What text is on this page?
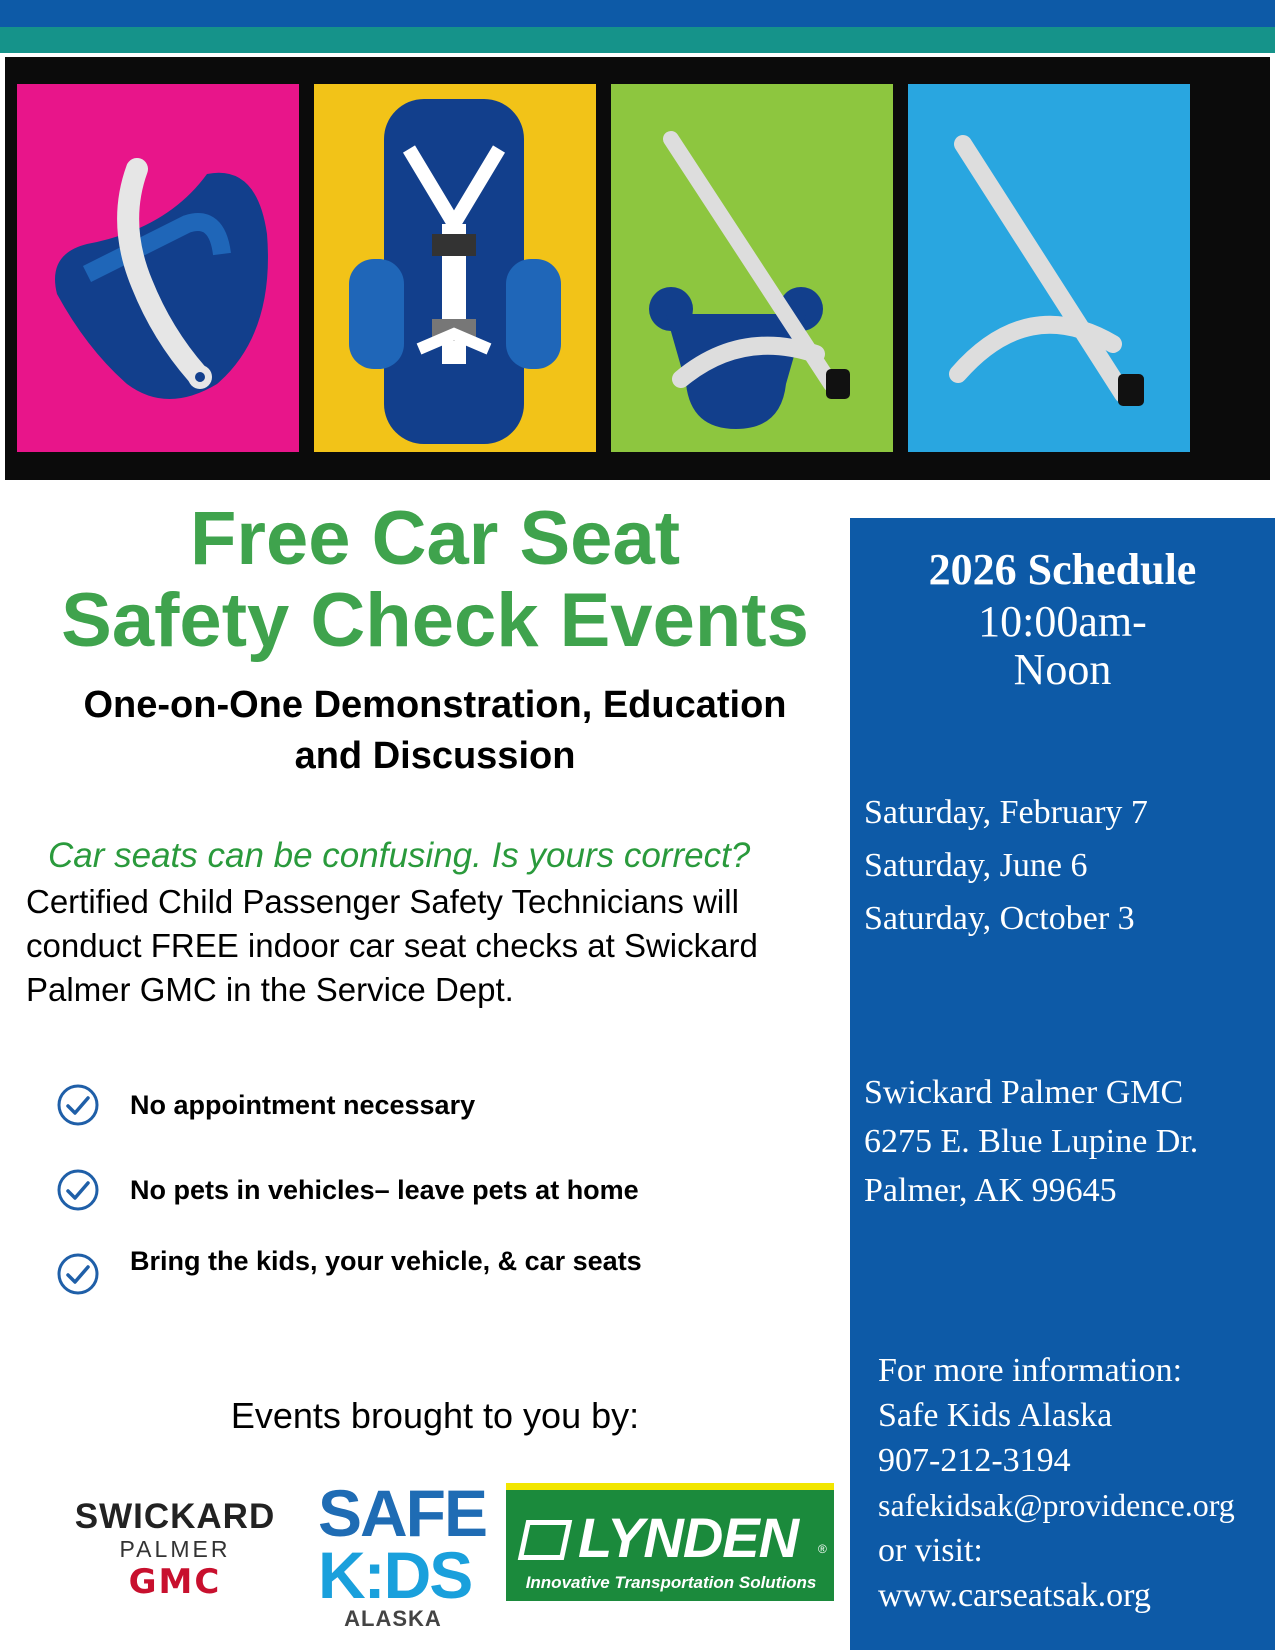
Free Car Seat
Safety Check Events
One-on-One Demonstration, Education
and Discussion
Car seats can be confusing. Is yours correct?
Certified Child Passenger Safety Technicians will conduct FREE indoor car seat checks at Swickard Palmer GMC in the Service Dept.
No appointment necessary
No pets in vehicles– leave pets at home
Bring the kids, your vehicle, & car seats
Events brought to you by:
SWICKARD
PALMER
GMC
SAFE
K:DS
ALASKA
LYNDEN ®
Innovative Transportation Solutions
2026 Schedule
10:00am-Noon
Saturday, February 7
Saturday, June 6
Saturday, October 3
Swickard Palmer GMC
6275 E. Blue Lupine Dr.
Palmer, AK 99645
For more information:
Safe Kids Alaska
907-212-3194
safekidsak@providence.org
or visit:
www.carseatsak.org
